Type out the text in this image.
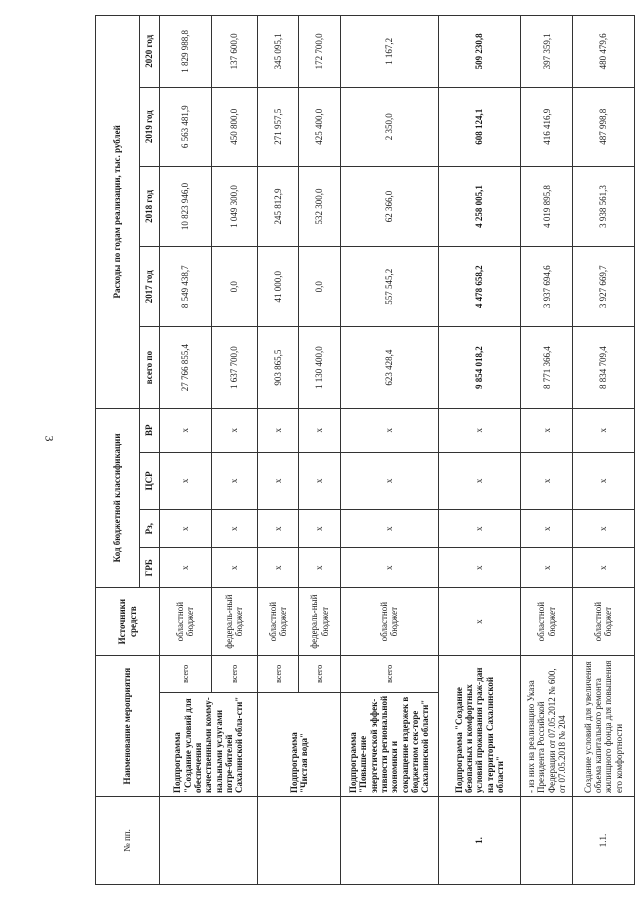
3
№ пп.	Наименование мероприятия		Источники средств	Код бюджетной классификации				Расходы по годам реализации, тыс. рублей				
				ГРБ	Рз,	ЦСР	ВР	всего по	2017 год	2018 год	2019 год	2020 год
	Подпрограмма "Создание условий для обеспечения качественными комму-нальными услугами потре-бителей Сахалинской обла-сти"	всего	областной бюджет	x	x	x	x	27 766 855,4	8 549 438,7	10 823 946,0	6 563 481,9	1 829 988,8
		всего	федераль-ный бюджет	x	x	x	x	1 637 700,0	0,0	1 049 300,0	450 800,0	137 600,0
	Подпрограмма "Чистая вода"	всего	областной бюджет	x	x	x	x	903 865,5	41 000,0	245 812,9	271 957,5	345 095,1
		всего	федераль-ный бюджет	x	x	x	x	1 130 400,0	0,0	532 300,0	425 400,0	172 700,0
	Подпрограмма "Повыше-ние энергетической эффек-тивности региональной экономики и сокращение издержек в бюджетном сек-торе Сахалинской области"	всего	областной бюджет	x	x	x	x	623 428,4	557 545,2	62 366,0	2 350,0	1 167,2
1.	Подпрограмма "Создание безопасных и комфортных условий проживания граж-дан на территории Сахалинской области"		x	x	x	x	x	9 854 018,2	4 478 658,2	4 258 005,1	608 124,1	509 230,8
	- из них на реализацию Указа Президента Российской Федерации от 07.05.2012 № 600, от 07.05.2018 № 204		областной бюджет	x	x	x	x	8 771 366,4	3 937 694,6	4 019 895,8	416 416,9	397 359,1
1.1.	Создание условий для увеличения объема капитального ремонта жилищного фонда для повышения его комфортности		областной бюджет	x	x	x	x	8 834 709,4	3 927 669,7	3 938 561,3	487 998,8	480 479,6
